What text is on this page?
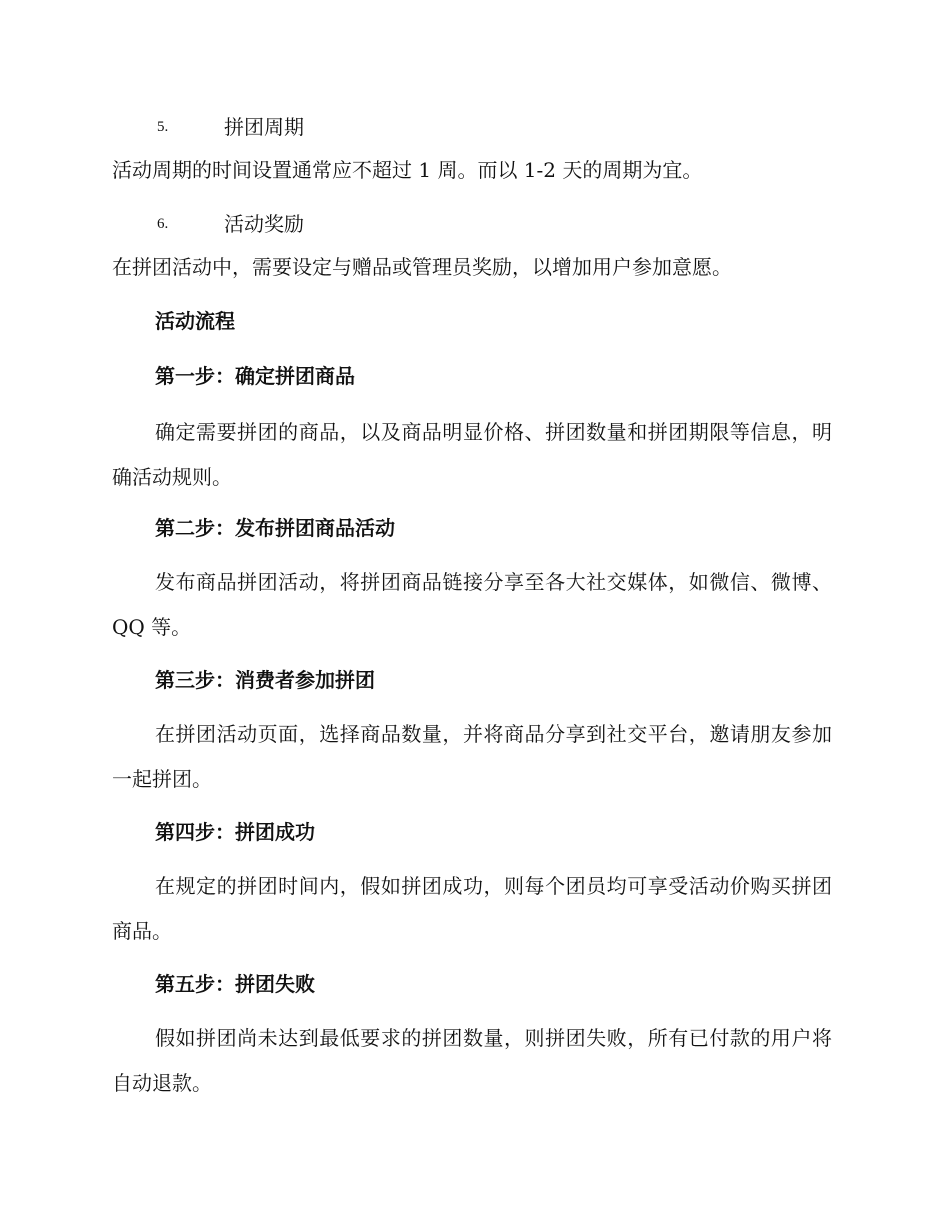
5.	拼团周期
活动周期的时间设置通常应不超过 1 周。而以 1-2 天的周期为宜。
6.	活动奖励
在拼团活动中，需要设定与赠品或管理员奖励，以增加用户参加意愿。
活动流程
第一步：确定拼团商品
确定需要拼团的商品，以及商品明显价格、拼团数量和拼团期限等信息，明确活动规则。
第二步：发布拼团商品活动
发布商品拼团活动，将拼团商品链接分享至各大社交媒体，如微信、微博、QQ 等。
第三步：消费者参加拼团
在拼团活动页面，选择商品数量，并将商品分享到社交平台，邀请朋友参加一起拼团。
第四步：拼团成功
在规定的拼团时间内，假如拼团成功，则每个团员均可享受活动价购买拼团商品。
第五步：拼团失败
假如拼团尚未达到最低要求的拼团数量，则拼团失败，所有已付款的用户将自动退款。
